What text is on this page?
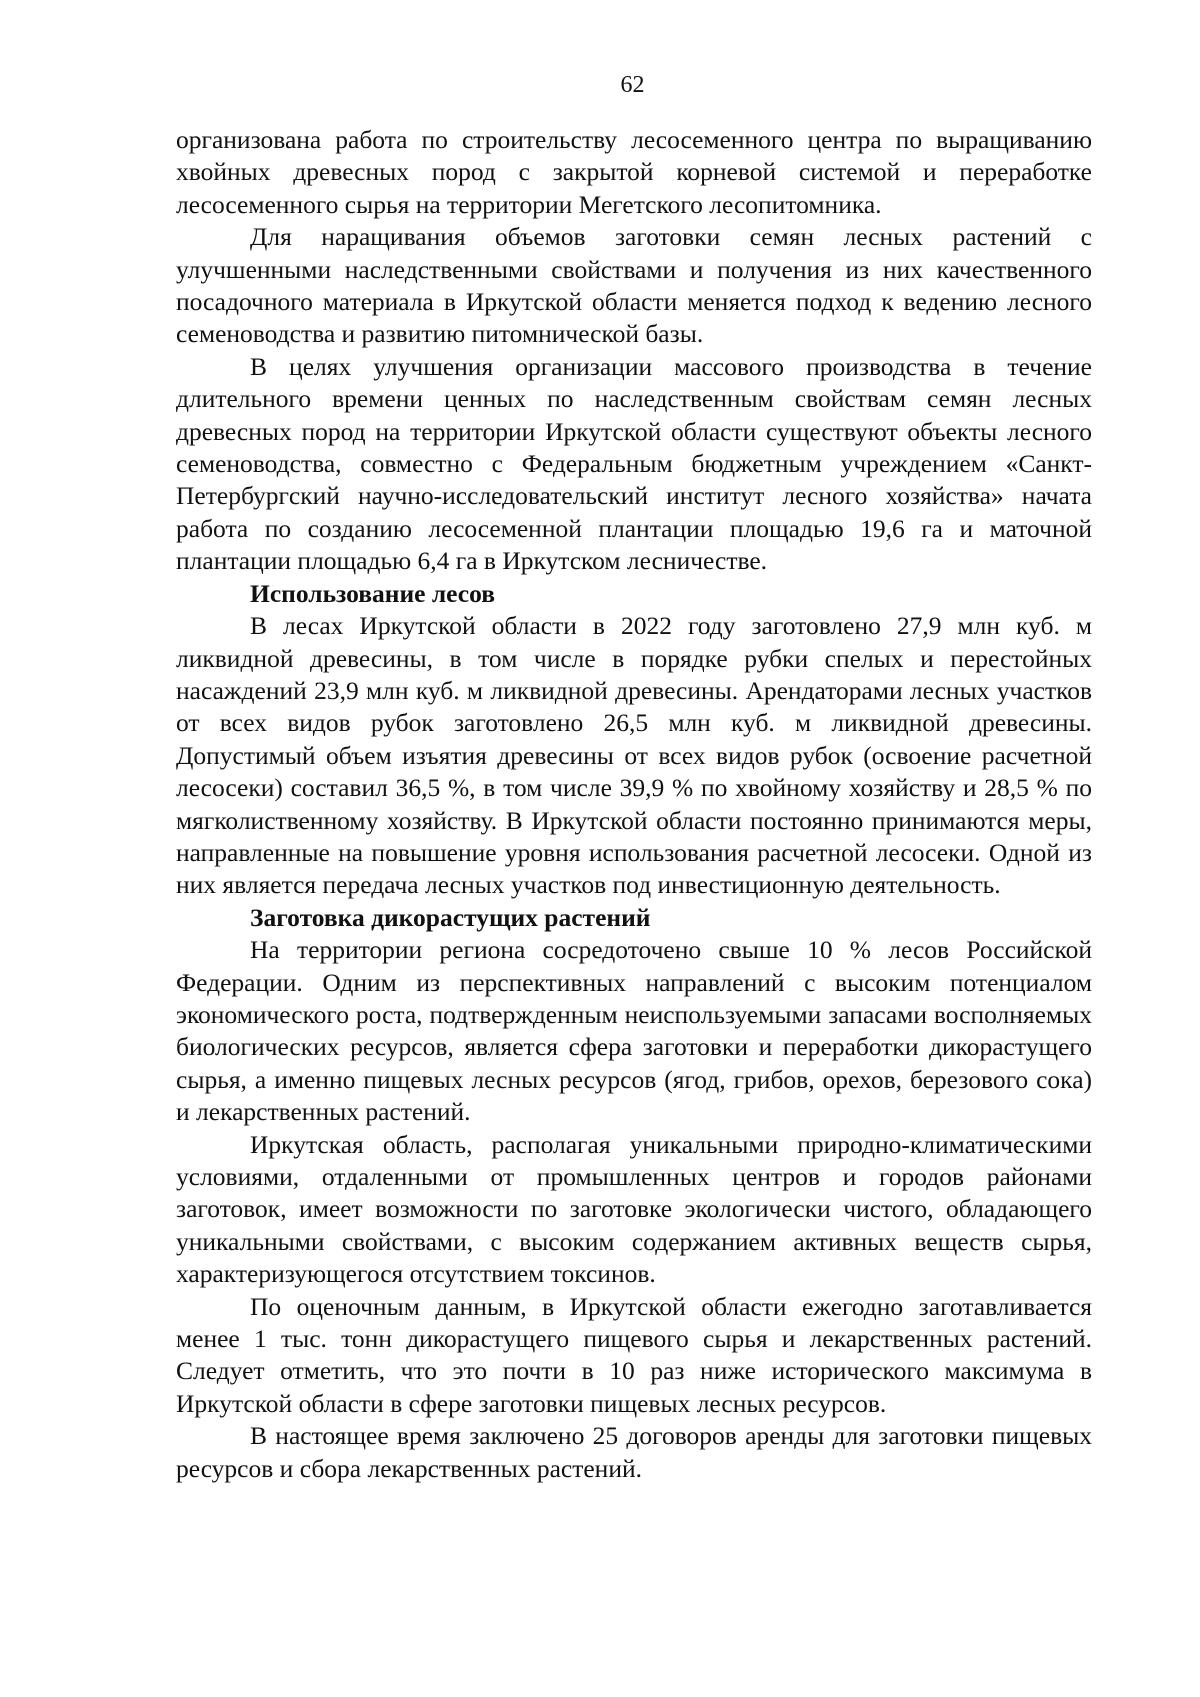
62

организована работа по строительству лесосеменного центра по выращиванию хвойных древесных пород с закрытой корневой системой и переработке лесосеменного сырья на территории Мегетского лесопитомника.

Для наращивания объемов заготовки семян лесных растений с улучшенными наследственными свойствами и получения из них качественного посадочного материала в Иркутской области меняется подход к ведению лесного семеноводства и развитию питомнической базы.

В целях улучшения организации массового производства в течение длительного времени ценных по наследственным свойствам семян лесных древесных пород на территории Иркутской области существуют объекты лесного семеноводства, совместно с Федеральным бюджетным учреждением «Санкт-Петербургский научно-исследовательский институт лесного хозяйства» начата работа по созданию лесосеменной плантации площадью 19,6 га и маточной плантации площадью 6,4 га в Иркутском лесничестве.

Использование лесов

В лесах Иркутской области в 2022 году заготовлено 27,9 млн куб. м ликвидной древесины, в том числе в порядке рубки спелых и перестойных насаждений 23,9 млн куб. м ликвидной древесины. Арендаторами лесных участков от всех видов рубок заготовлено 26,5 млн куб. м ликвидной древесины. Допустимый объем изъятия древесины от всех видов рубок (освоение расчетной лесосеки) составил 36,5 %, в том числе 39,9 % по хвойному хозяйству и 28,5 % по мягколиственному хозяйству. В Иркутской области постоянно принимаются меры, направленные на повышение уровня использования расчетной лесосеки. Одной из них является передача лесных участков под инвестиционную деятельность.

Заготовка дикорастущих растений

На территории региона сосредоточено свыше 10 % лесов Российской Федерации. Одним из перспективных направлений с высоким потенциалом экономического роста, подтвержденным неиспользуемыми запасами восполняемых биологических ресурсов, является сфера заготовки и переработки дикорастущего сырья, а именно пищевых лесных ресурсов (ягод, грибов, орехов, березового сока) и лекарственных растений.

Иркутская область, располагая уникальными природно-климатическими условиями, отдаленными от промышленных центров и городов районами заготовок, имеет возможности по заготовке экологически чистого, обладающего уникальными свойствами, с высоким содержанием активных веществ сырья, характеризующегося отсутствием токсинов.

По оценочным данным, в Иркутской области ежегодно заготавливается менее 1 тыс. тонн дикорастущего пищевого сырья и лекарственных растений. Следует отметить, что это почти в 10 раз ниже исторического максимума в Иркутской области в сфере заготовки пищевых лесных ресурсов.

В настоящее время заключено 25 договоров аренды для заготовки пищевых ресурсов и сбора лекарственных растений.
